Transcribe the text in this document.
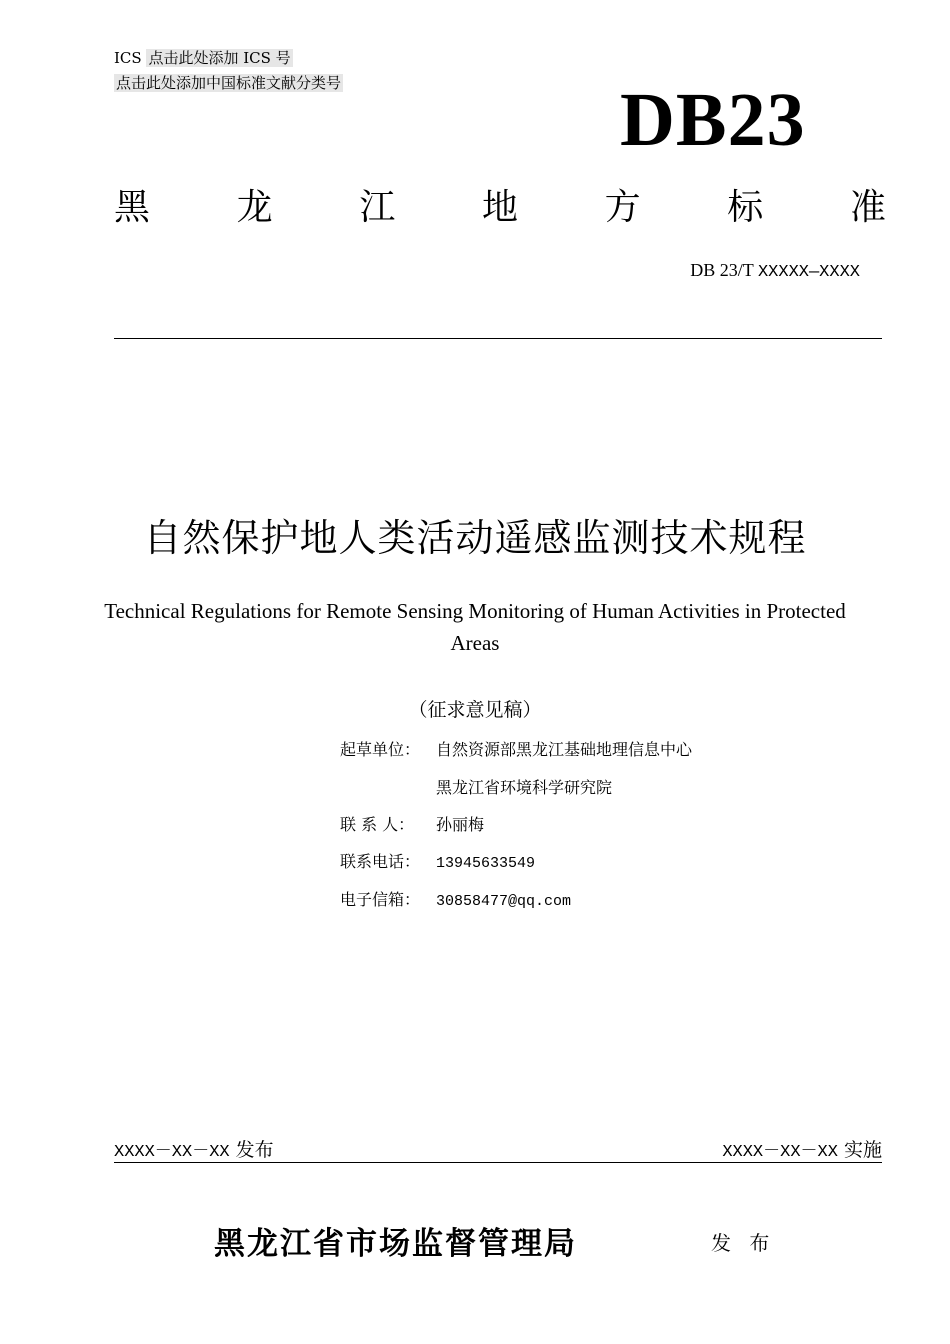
ICS 点击此处添加 ICS 号
点击此处添加中国标准文献分类号	DB23
黑 龙 江 地 方 标 准
DB 23/T XXXXX—XXXX
自然保护地人类活动遥感监测技术规程
Technical Regulations for Remote Sensing Monitoring of Human Activities in Protected Areas
（征求意见稿）
起草单位： 自然资源部黑龙江基础地理信息中心
黑龙江省环境科学研究院
联 系 人： 孙丽梅
联系电话： 13945633549
电子信箱： 30858477@qq.com
XXXX－XX－XX 发布	XXXX－XX－XX 实施
黑龙江省市场监督管理局	发 布
